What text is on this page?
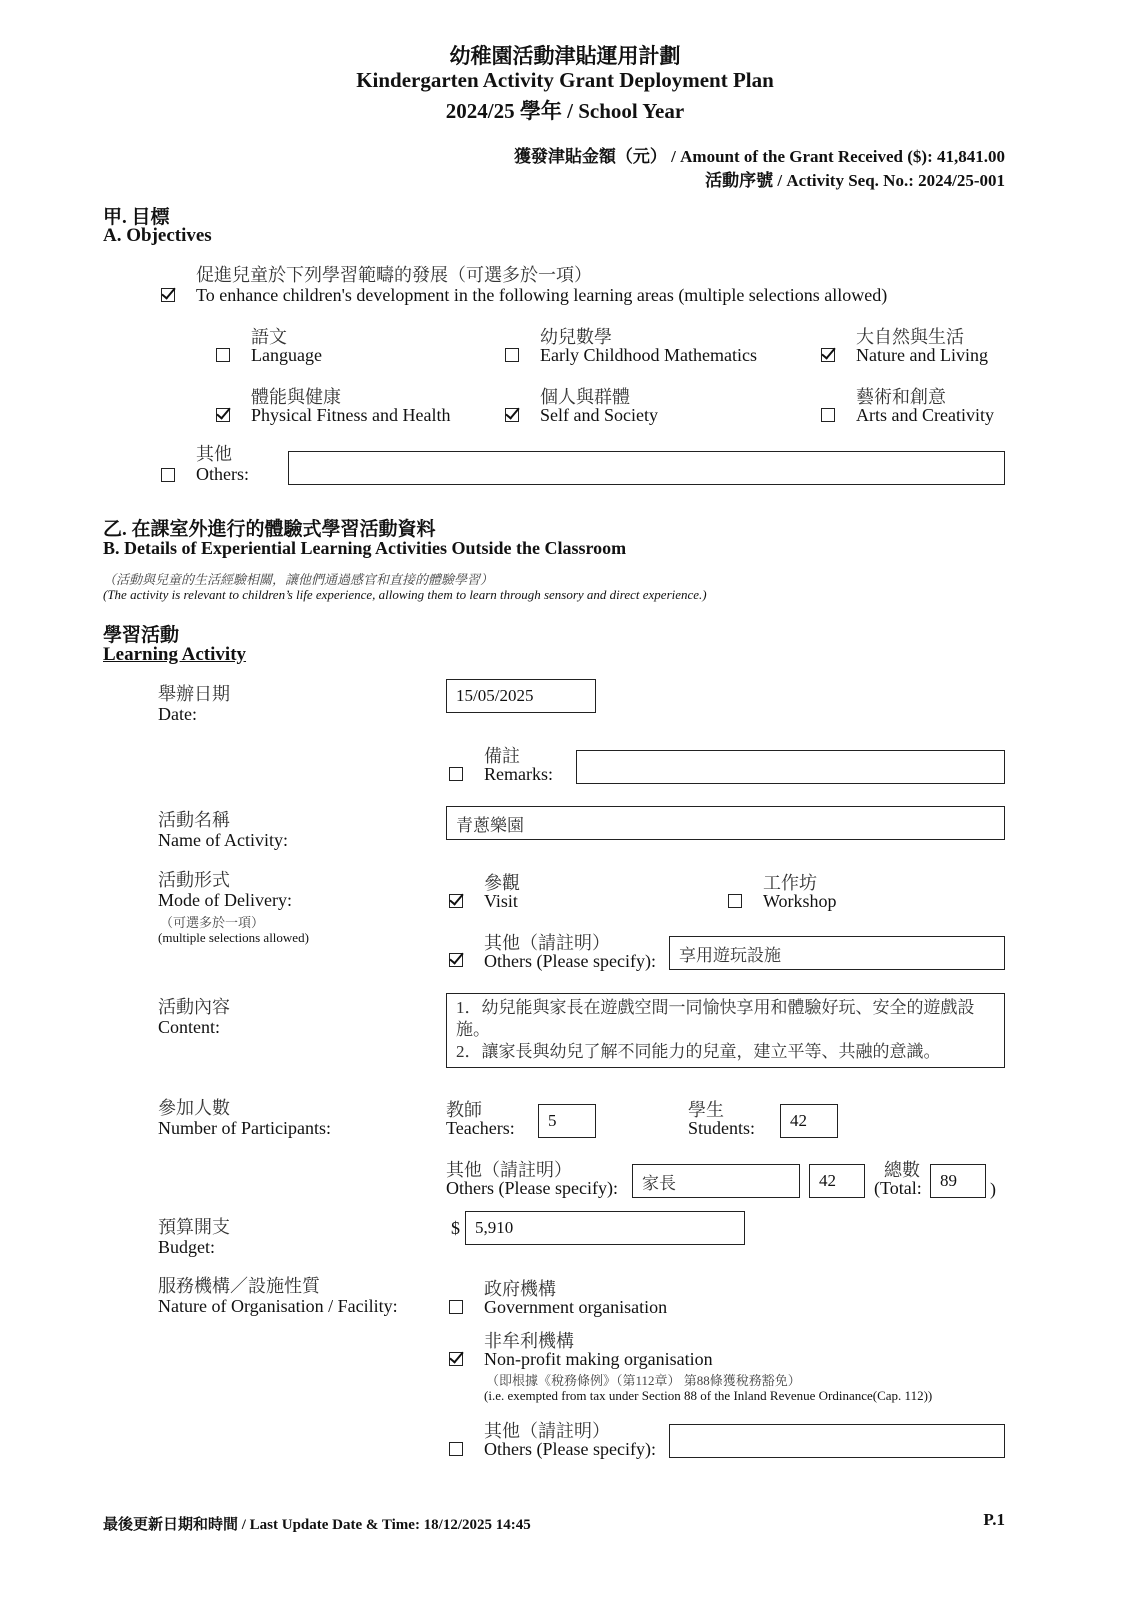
幼稚園活動津貼運用計劃
Kindergarten Activity Grant Deployment Plan
2024/25 學年 / School Year
獲發津貼金額（元） / Amount of the Grant Received ($): 41,841.00
活動序號 / Activity Seq. No.: 2024/25-001
甲. 目標
A. Objectives
促進兒童於下列學習範疇的發展（可選多於一項）
To enhance children's development in the following learning areas (multiple selections allowed)
語文
Language
幼兒數學
Early Childhood Mathematics
大自然與生活
Nature and Living
體能與健康
Physical Fitness and Health
個人與群體
Self and Society
藝術和創意
Arts and Creativity
其他
Others:
乙. 在課室外進行的體驗式學習活動資料
B. Details of Experiential Learning Activities Outside the Classroom
（活動與兒童的生活經驗相關，讓他們通過感官和直接的體驗學習）
(The activity is relevant to children’s life experience, allowing them to learn through sensory and direct experience.)
學習活動
Learning Activity
舉辦日期
Date:
15/05/2025
備註
Remarks:
活動名稱
Name of Activity:
青蔥樂園
活動形式
Mode of Delivery:
（可選多於一項）
(multiple selections allowed)
參觀
Visit
工作坊
Workshop
其他（請註明）
Others (Please specify):	享用遊玩設施
活動內容
Content:
1．幼兒能與家長在遊戲空間一同愉快享用和體驗好玩、安全的遊戲設施。
2．讓家長與幼兒了解不同能力的兒童，建立平等、共融的意識。
參加人數
Number of Participants:
教師
Teachers:	5
學生
Students:	42
其他（請註明）
Others (Please specify):	家長	42
總數
(Total:	89	)
預算開支
Budget:
$ 5,910
服務機構／設施性質
Nature of Organisation / Facility:
政府機構
Government organisation
非牟利機構
Non-profit making organisation
（即根據《稅務條例》（第112章） 第88條獲稅務豁免）
(i.e. exempted from tax under Section 88 of the Inland Revenue Ordinance(Cap. 112))
其他（請註明）
Others (Please specify):
最後更新日期和時間 / Last Update Date & Time: 18/12/2025 14:45	P.1
